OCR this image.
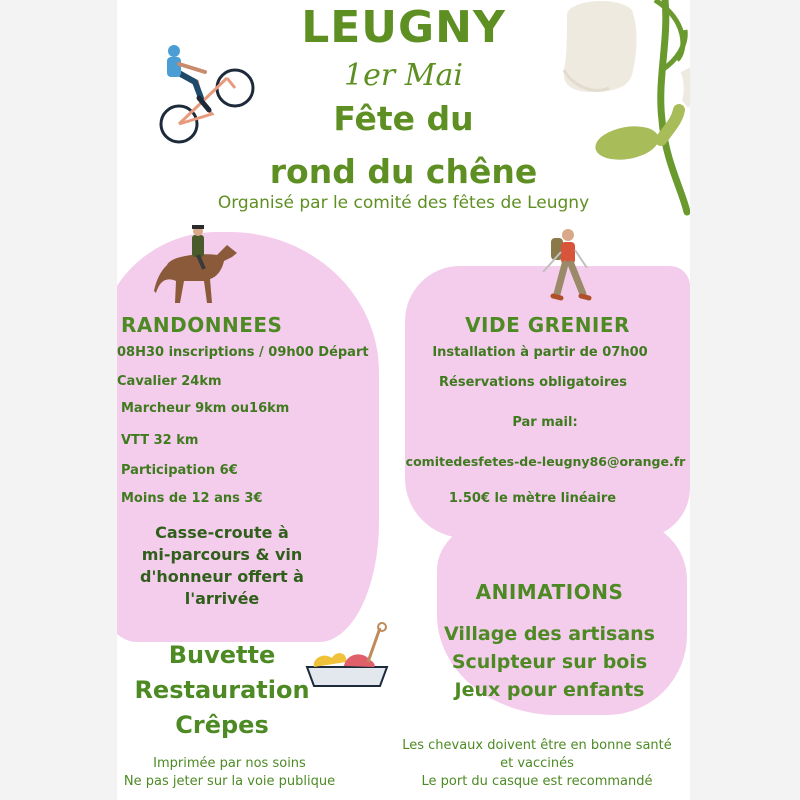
LEUGNY
1er Mai
Fête du
rond du chêne
Organisé par le comité des fêtes de Leugny
RANDONNEES
08H30 inscriptions / 09h00 Départ
Cavalier 24km
Marcheur 9km ou16km
VTT 32 km
Participation 6€
Moins de 12 ans 3€
Casse-croute à
mi-parcours & vin
d'honneur offert à
l'arrivée
VIDE GRENIER
Installation à partir de 07h00
Réservations obligatoires
Par mail:
comitedesfetes-de-leugny86@orange.fr
1.50€ le mètre linéaire
ANIMATIONS
Village des artisans
Sculpteur sur bois
Jeux pour enfants
Buvette
Restauration
Crêpes
Imprimée par nos soins
Ne pas jeter sur la voie publique
Les chevaux doivent être en bonne santé
et vaccinés
Le port du casque est recommandé
